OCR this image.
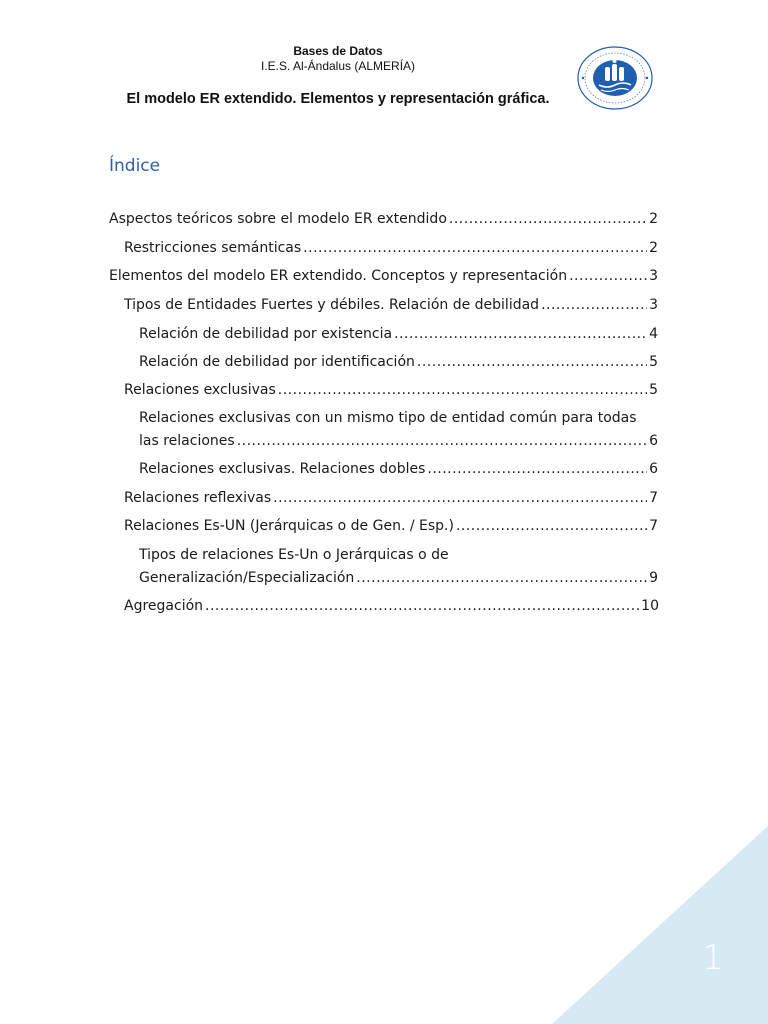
Bases de Datos
I.E.S. Al-Ándalus (ALMERÍA)
El modelo ER extendido. Elementos y representación gráfica.
Índice
Aspectos teóricos sobre el modelo ER extendido .....	2
Restricciones semánticas .....	2
Elementos del modelo ER extendido. Conceptos y representación .....	3
Tipos de Entidades Fuertes y débiles. Relación de debilidad .....	3
Relación de debilidad por existencia .....	4
Relación de debilidad por identificación .....	5
Relaciones exclusivas .....	5
Relaciones exclusivas con un mismo tipo de entidad común para todas
las relaciones .....	6
Relaciones exclusivas. Relaciones dobles .....	6
Relaciones reflexivas .....	7
Relaciones Es-UN (Jerárquicas o de Gen. / Esp.) .....	7
Tipos de relaciones Es-Un o Jerárquicas o de
Generalización/Especialización .....	9
Agregación .....	10
1
